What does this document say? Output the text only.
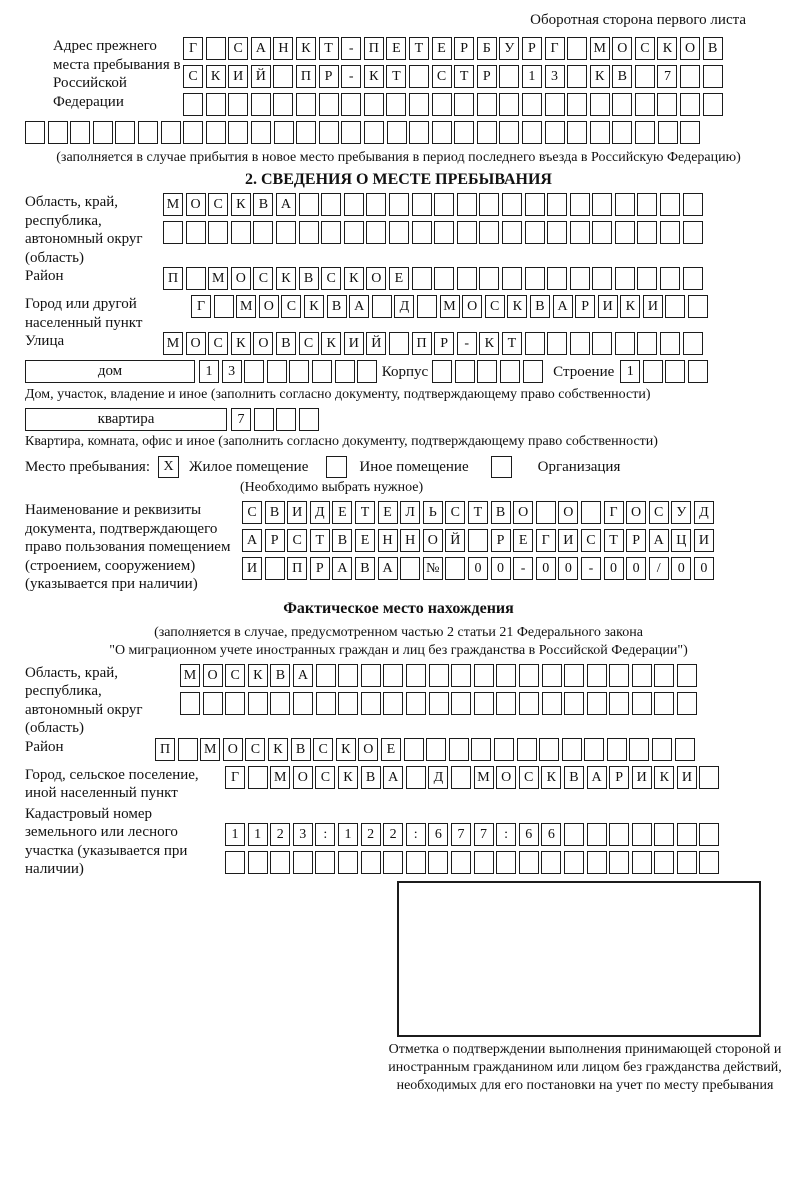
Оборотная сторона первого листа
Адрес прежнего места пребывания в Российской Федерации
Г	С А Н К Т	-	П Е	Т	Е	Р	Б У Р	Г	М О С К О В
С К И Й	П Р	-	К Т	С Т	Р	1	3	К В	7
(заполняется в случае прибытия в новое место пребывания в период последнего въезда в Российскую Федерацию)
2. СВЕДЕНИЯ О МЕСТЕ ПРЕБЫВАНИЯ
Область, край, республика, автономный округ (область)
М О С К В А
Район	П	М О С К В С К О Е
Город или другой населенный пункт
Г	М О С К В А	Д	М О С К В А Р И К И
Улица	М О С К О В С К И Й	П Р	-	К Т
дом	1	3	Корпус	Строение 1
Дом, участок, владение и иное (заполнить согласно документу, подтверждающему право собственности)
квартира	7
Квартира, комната, офис и иное (заполнить согласно документу, подтверждающему право собственности)
Место пребывания: X	Жилое помещение	Иное помещение	Организация
(Необходимо выбрать нужное)
Наименование и реквизиты документа, подтверждающего право пользования помещением (строением, сооружением) (указывается при наличии)
С В И Д Е	Т	Е Л Ь С Т В О	О	Г О С У Д
А Р	С Т В Е Н Н О Й	Р	Е	Г И С Т	Р А Ц И
И	П Р А В А	№	0	0	-	0	0	-	0	0	/	0	0
Фактическое место нахождения
(заполняется в случае, предусмотренном частью 2 статьи 21 Федерального закона
"О миграционном учете иностранных граждан и лиц без гражданства в Российской Федерации")
Область, край, республика, автономный округ (область)
М О С К В А
Район	П	М О С К В С К О Е
Город, сельское поселение, иной населенный пункт
Г	М О С К В А	Д	М О С К В А Р И К И
Кадастровый номер земельного или лесного участка (указывается при наличии)
1	1	2	3	:	1	2	2	:	6	7	7	:	6	6
Отметка о подтверждении выполнения принимающей стороной и иностранным гражданином или лицом без гражданства действий, необходимых для его постановки на учет по месту пребывания
